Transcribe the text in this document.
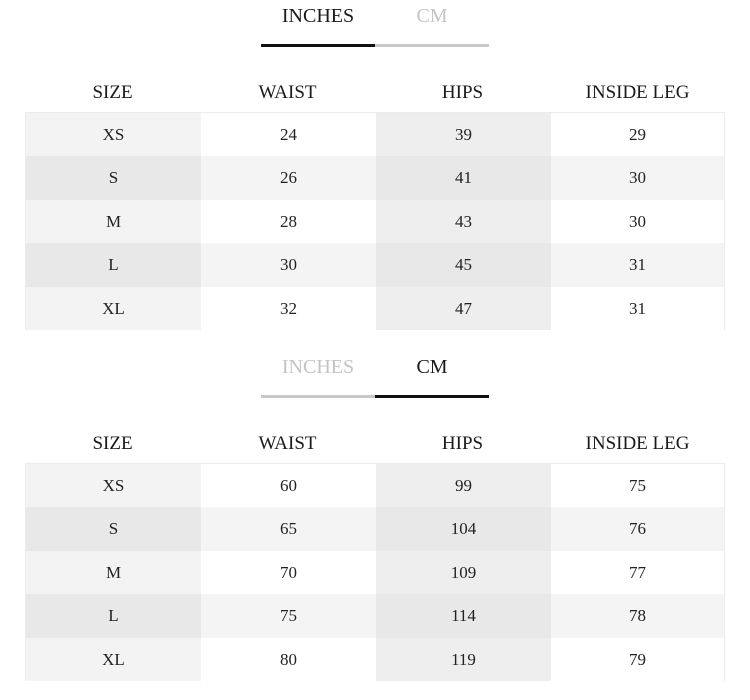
INCHES	CM
SIZE	WAIST	HIPS	INSIDE LEG
XS	24	39	29
S	26	41	30
M	28	43	30
L	30	45	31
XL	32	47	31
INCHES	CM
SIZE	WAIST	HIPS	INSIDE LEG
XS	60	99	75
S	65	104	76
M	70	109	77
L	75	114	78
XL	80	119	79
